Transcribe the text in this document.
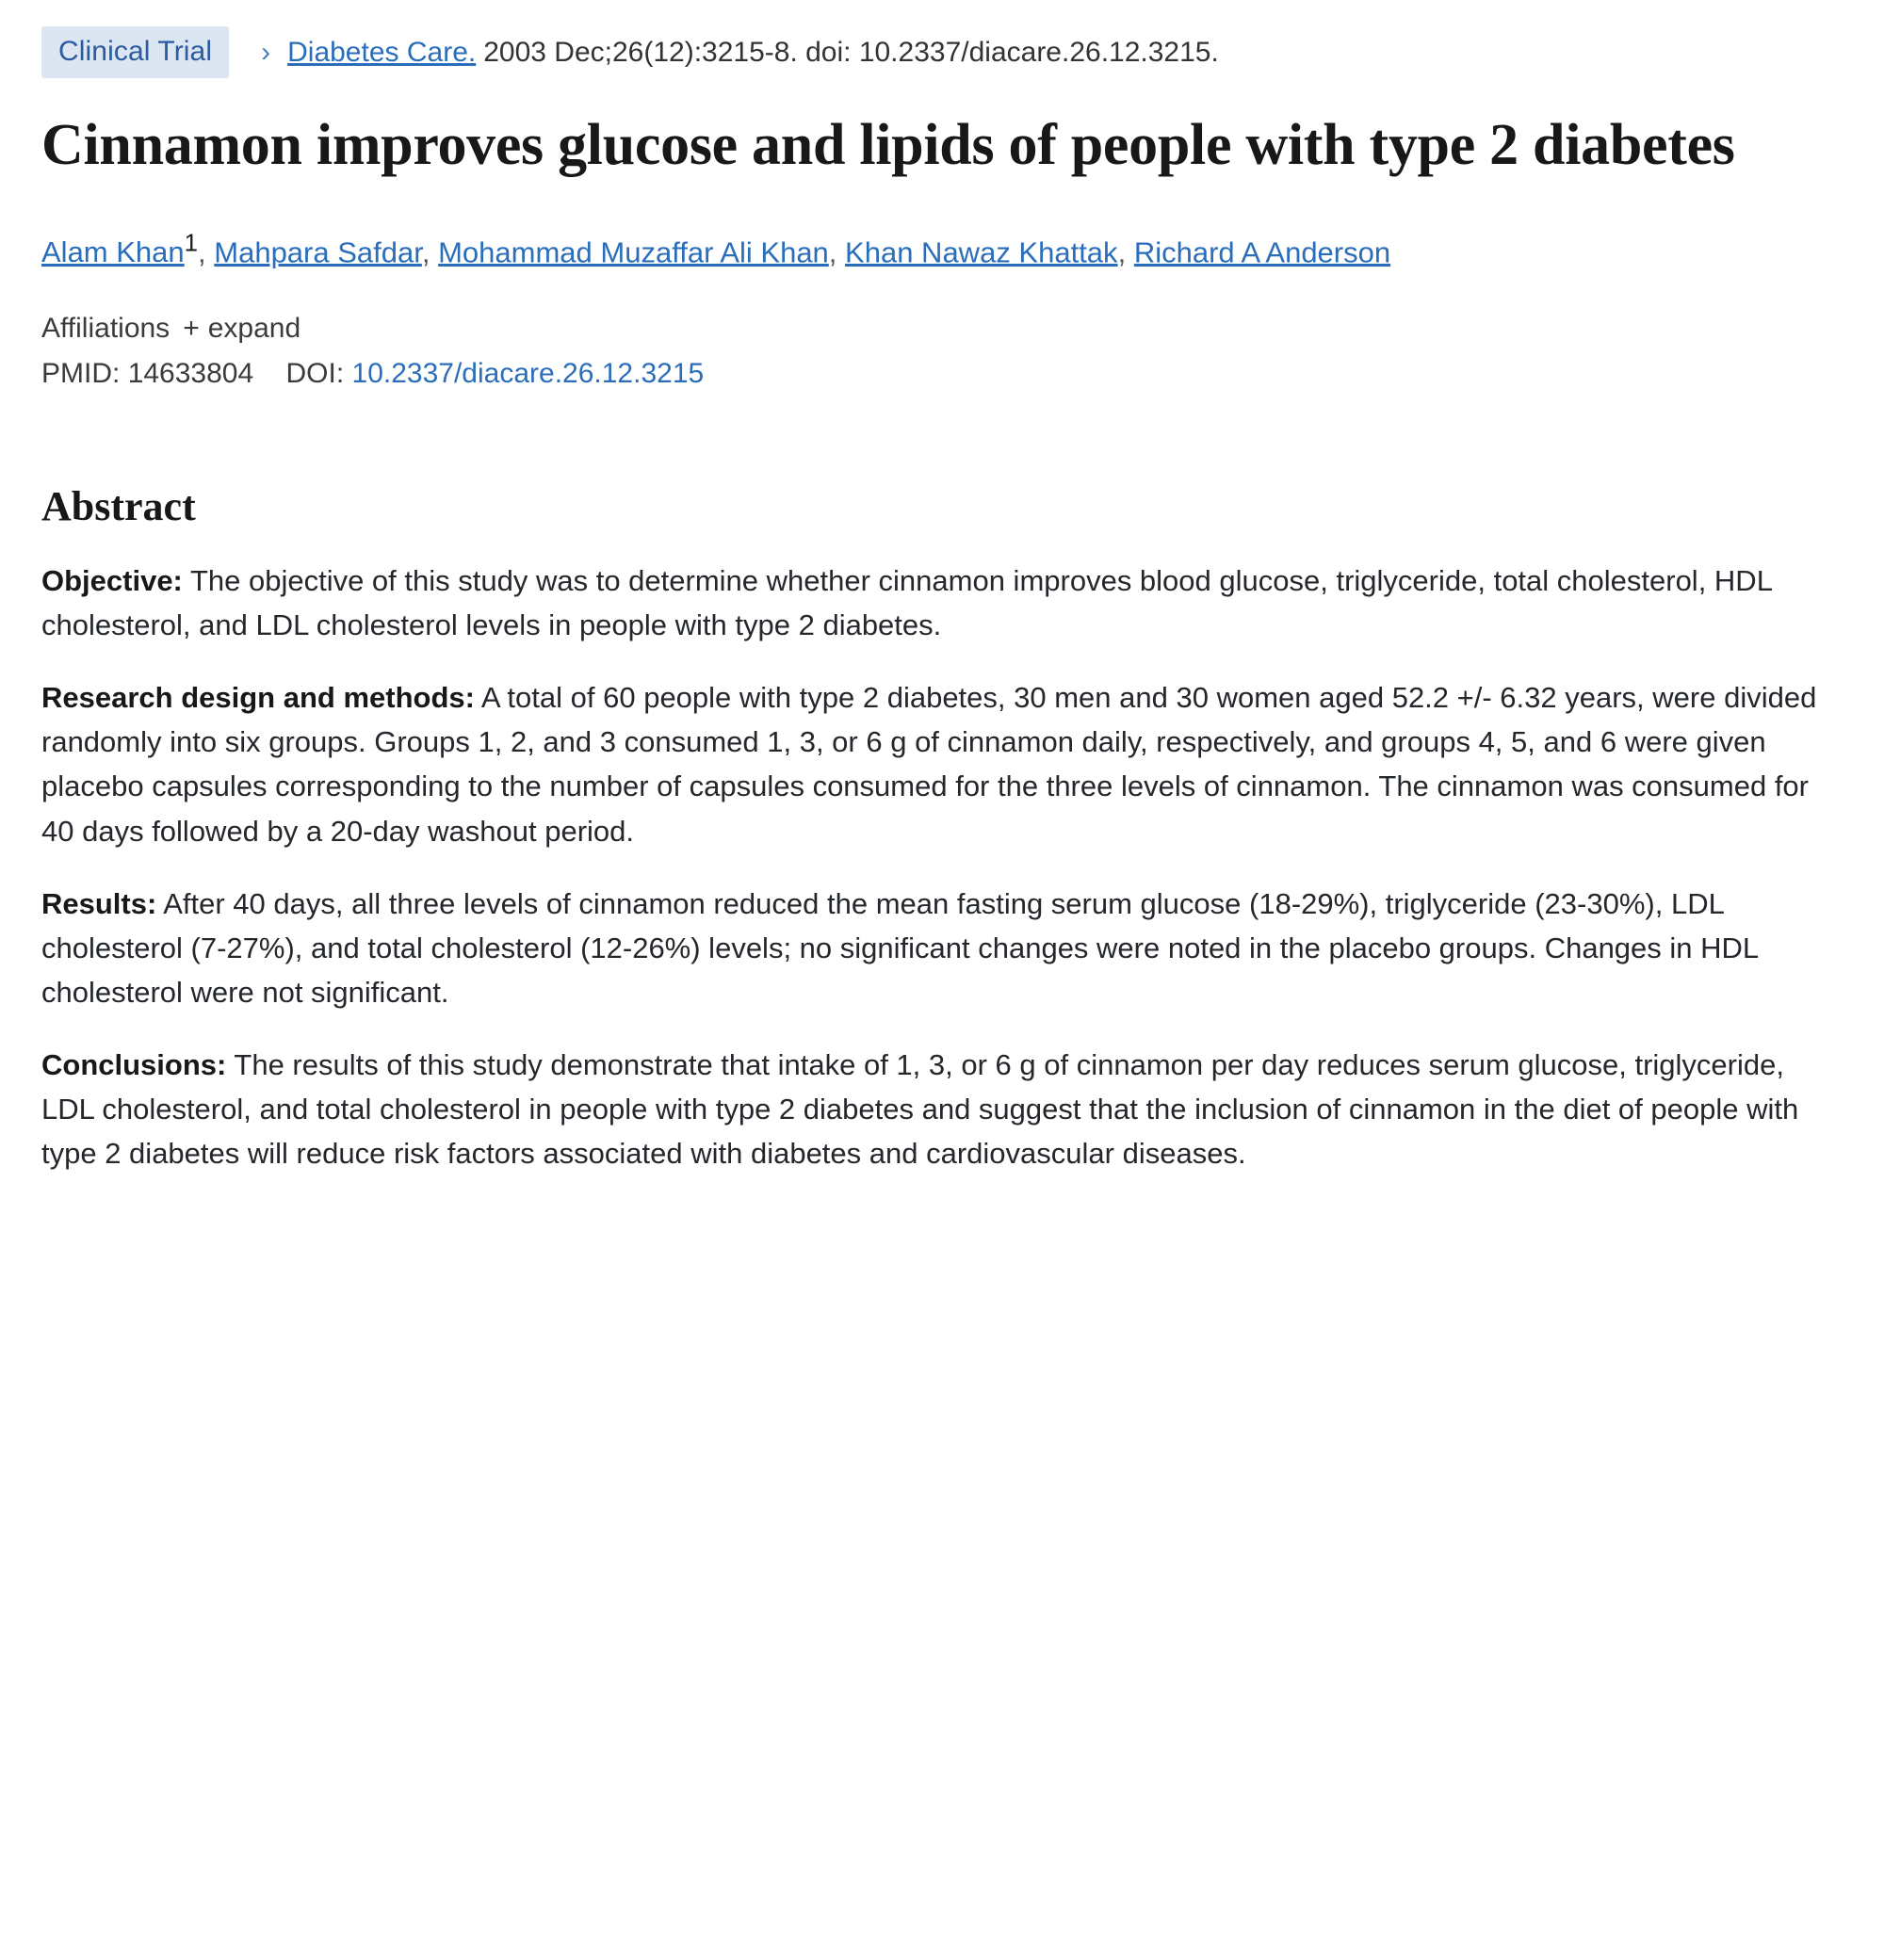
Clinical Trial	› Diabetes Care. 2003 Dec;26(12):3215-8. doi: 10.2337/diacare.26.12.3215.
Cinnamon improves glucose and lipids of people with type 2 diabetes
Alam Khan$^1$, Mahpara Safdar, Mohammad Muzaffar Ali Khan, Khan Nawaz Khattak, Richard A Anderson
Affiliations + expand
PMID: 14633804 DOI: 10.2337/diacare.26.12.3215
Abstract

Objective: The objective of this study was to determine whether cinnamon improves blood glucose, triglyceride, total cholesterol, HDL cholesterol, and LDL cholesterol levels in people with type 2 diabetes.

Research design and methods: A total of 60 people with type 2 diabetes, 30 men and 30 women aged 52.2 +/- 6.32 years, were divided randomly into six groups. Groups 1, 2, and 3 consumed 1, 3, or 6 g of cinnamon daily, respectively, and groups 4, 5, and 6 were given placebo capsules corresponding to the number of capsules consumed for the three levels of cinnamon. The cinnamon was consumed for 40 days followed by a 20-day washout period.

Results: After 40 days, all three levels of cinnamon reduced the mean fasting serum glucose (18-29%), triglyceride (23-30%), LDL cholesterol (7-27%), and total cholesterol (12-26%) levels; no significant changes were noted in the placebo groups. Changes in HDL cholesterol were not significant.

Conclusions: The results of this study demonstrate that intake of 1, 3, or 6 g of cinnamon per day reduces serum glucose, triglyceride, LDL cholesterol, and total cholesterol in people with type 2 diabetes and suggest that the inclusion of cinnamon in the diet of people with type 2 diabetes will reduce risk factors associated with diabetes and cardiovascular diseases.
